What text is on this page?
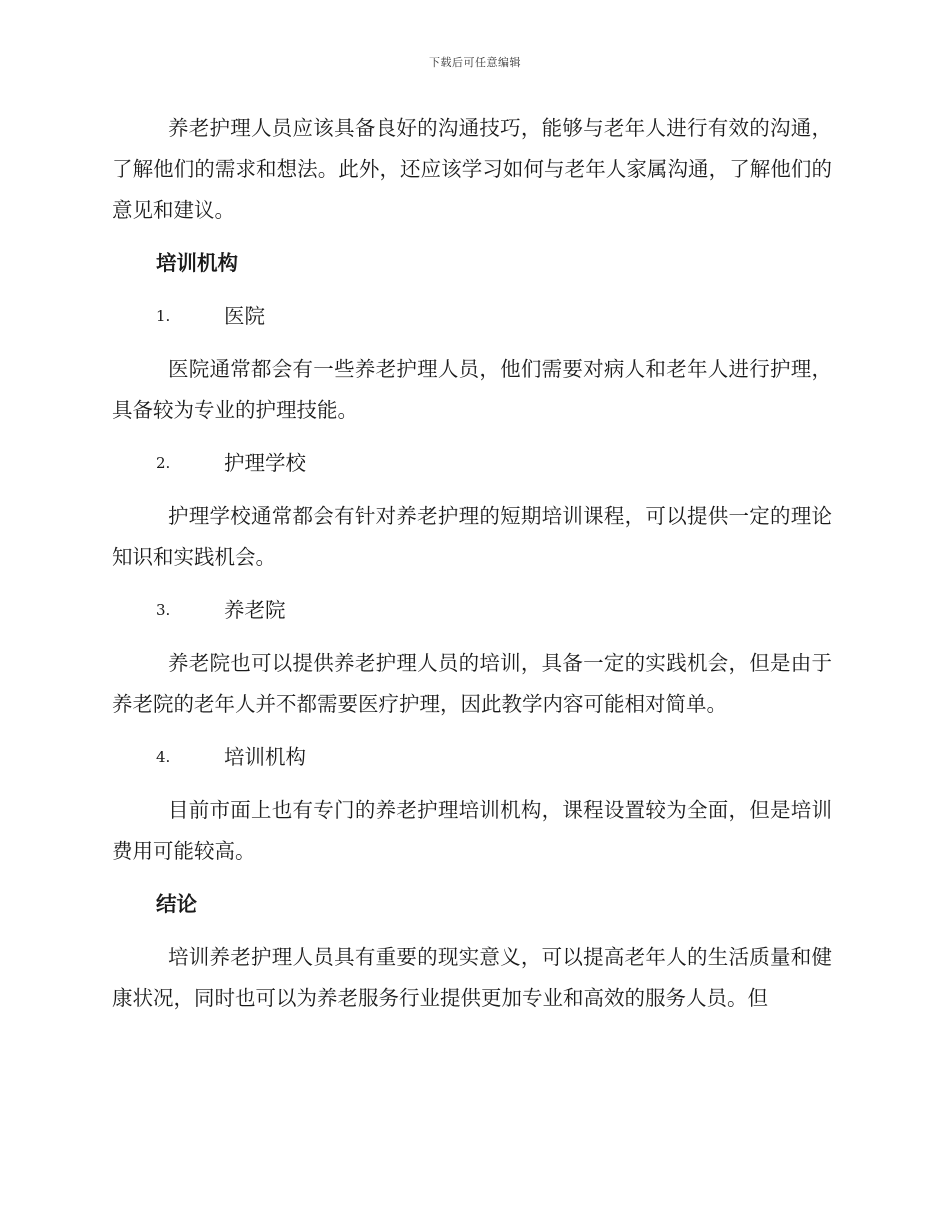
下载后可任意编辑

养老护理人员应该具备良好的沟通技巧，能够与老年人进行有效的沟通，了解他们的需求和想法。此外，还应该学习如何与老年人家属沟通，了解他们的意见和建议。

培训机构
1.	医院

医院通常都会有一些养老护理人员，他们需要对病人和老年人进行护理，具备较为专业的护理技能。

2.	护理学校

护理学校通常都会有针对养老护理的短期培训课程，可以提供一定的理论知识和实践机会。

3.	养老院

养老院也可以提供养老护理人员的培训，具备一定的实践机会，但是由于养老院的老年人并不都需要医疗护理，因此教学内容可能相对简单。

4.	培训机构

目前市面上也有专门的养老护理培训机构，课程设置较为全面，但是培训费用可能较高。

结论

培训养老护理人员具有重要的现实意义，可以提高老年人的生活质量和健康状况，同时也可以为养老服务行业提供更加专业和高效的服务人员。但
